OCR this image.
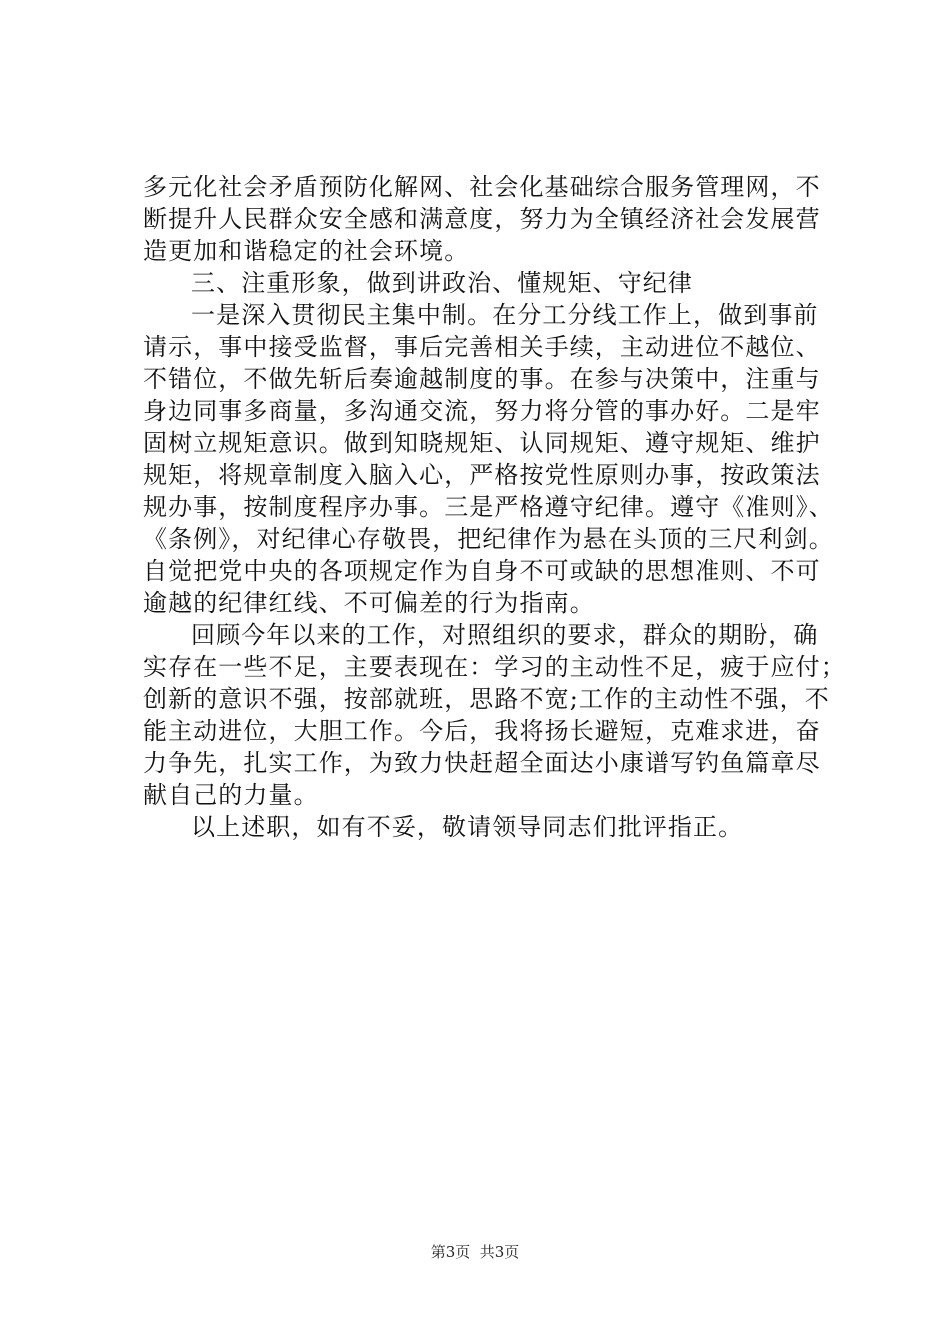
多元化社会矛盾预防化解网、社会化基础综合服务管理网，不
断提升人民群众安全感和满意度，努力为全镇经济社会发展营
造更加和谐稳定的社会环境。
三、注重形象，做到讲政治、懂规矩、守纪律
一是深入贯彻民主集中制。在分工分线工作上，做到事前
请示，事中接受监督，事后完善相关手续，主动进位不越位、
不错位，不做先斩后奏逾越制度的事。在参与决策中，注重与
身边同事多商量，多沟通交流，努力将分管的事办好。二是牢
固树立规矩意识。做到知晓规矩、认同规矩、遵守规矩、维护
规矩，将规章制度入脑入心，严格按党性原则办事，按政策法
规办事，按制度程序办事。三是严格遵守纪律。遵守《准则》、
《条例》，对纪律心存敬畏，把纪律作为悬在头顶的三尺利剑。
自觉把党中央的各项规定作为自身不可或缺的思想准则、不可
逾越的纪律红线、不可偏差的行为指南。
回顾今年以来的工作，对照组织的要求，群众的期盼，确
实存在一些不足，主要表现在：学习的主动性不足，疲于应付；
创新的意识不强，按部就班，思路不宽;工作的主动性不强，不
能主动进位，大胆工作。今后，我将扬长避短，克难求进，奋
力争先，扎实工作，为致力快赶超全面达小康谱写钓鱼篇章尽
献自己的力量。
以上述职，如有不妥，敬请领导同志们批评指正。
第3页  共3页
